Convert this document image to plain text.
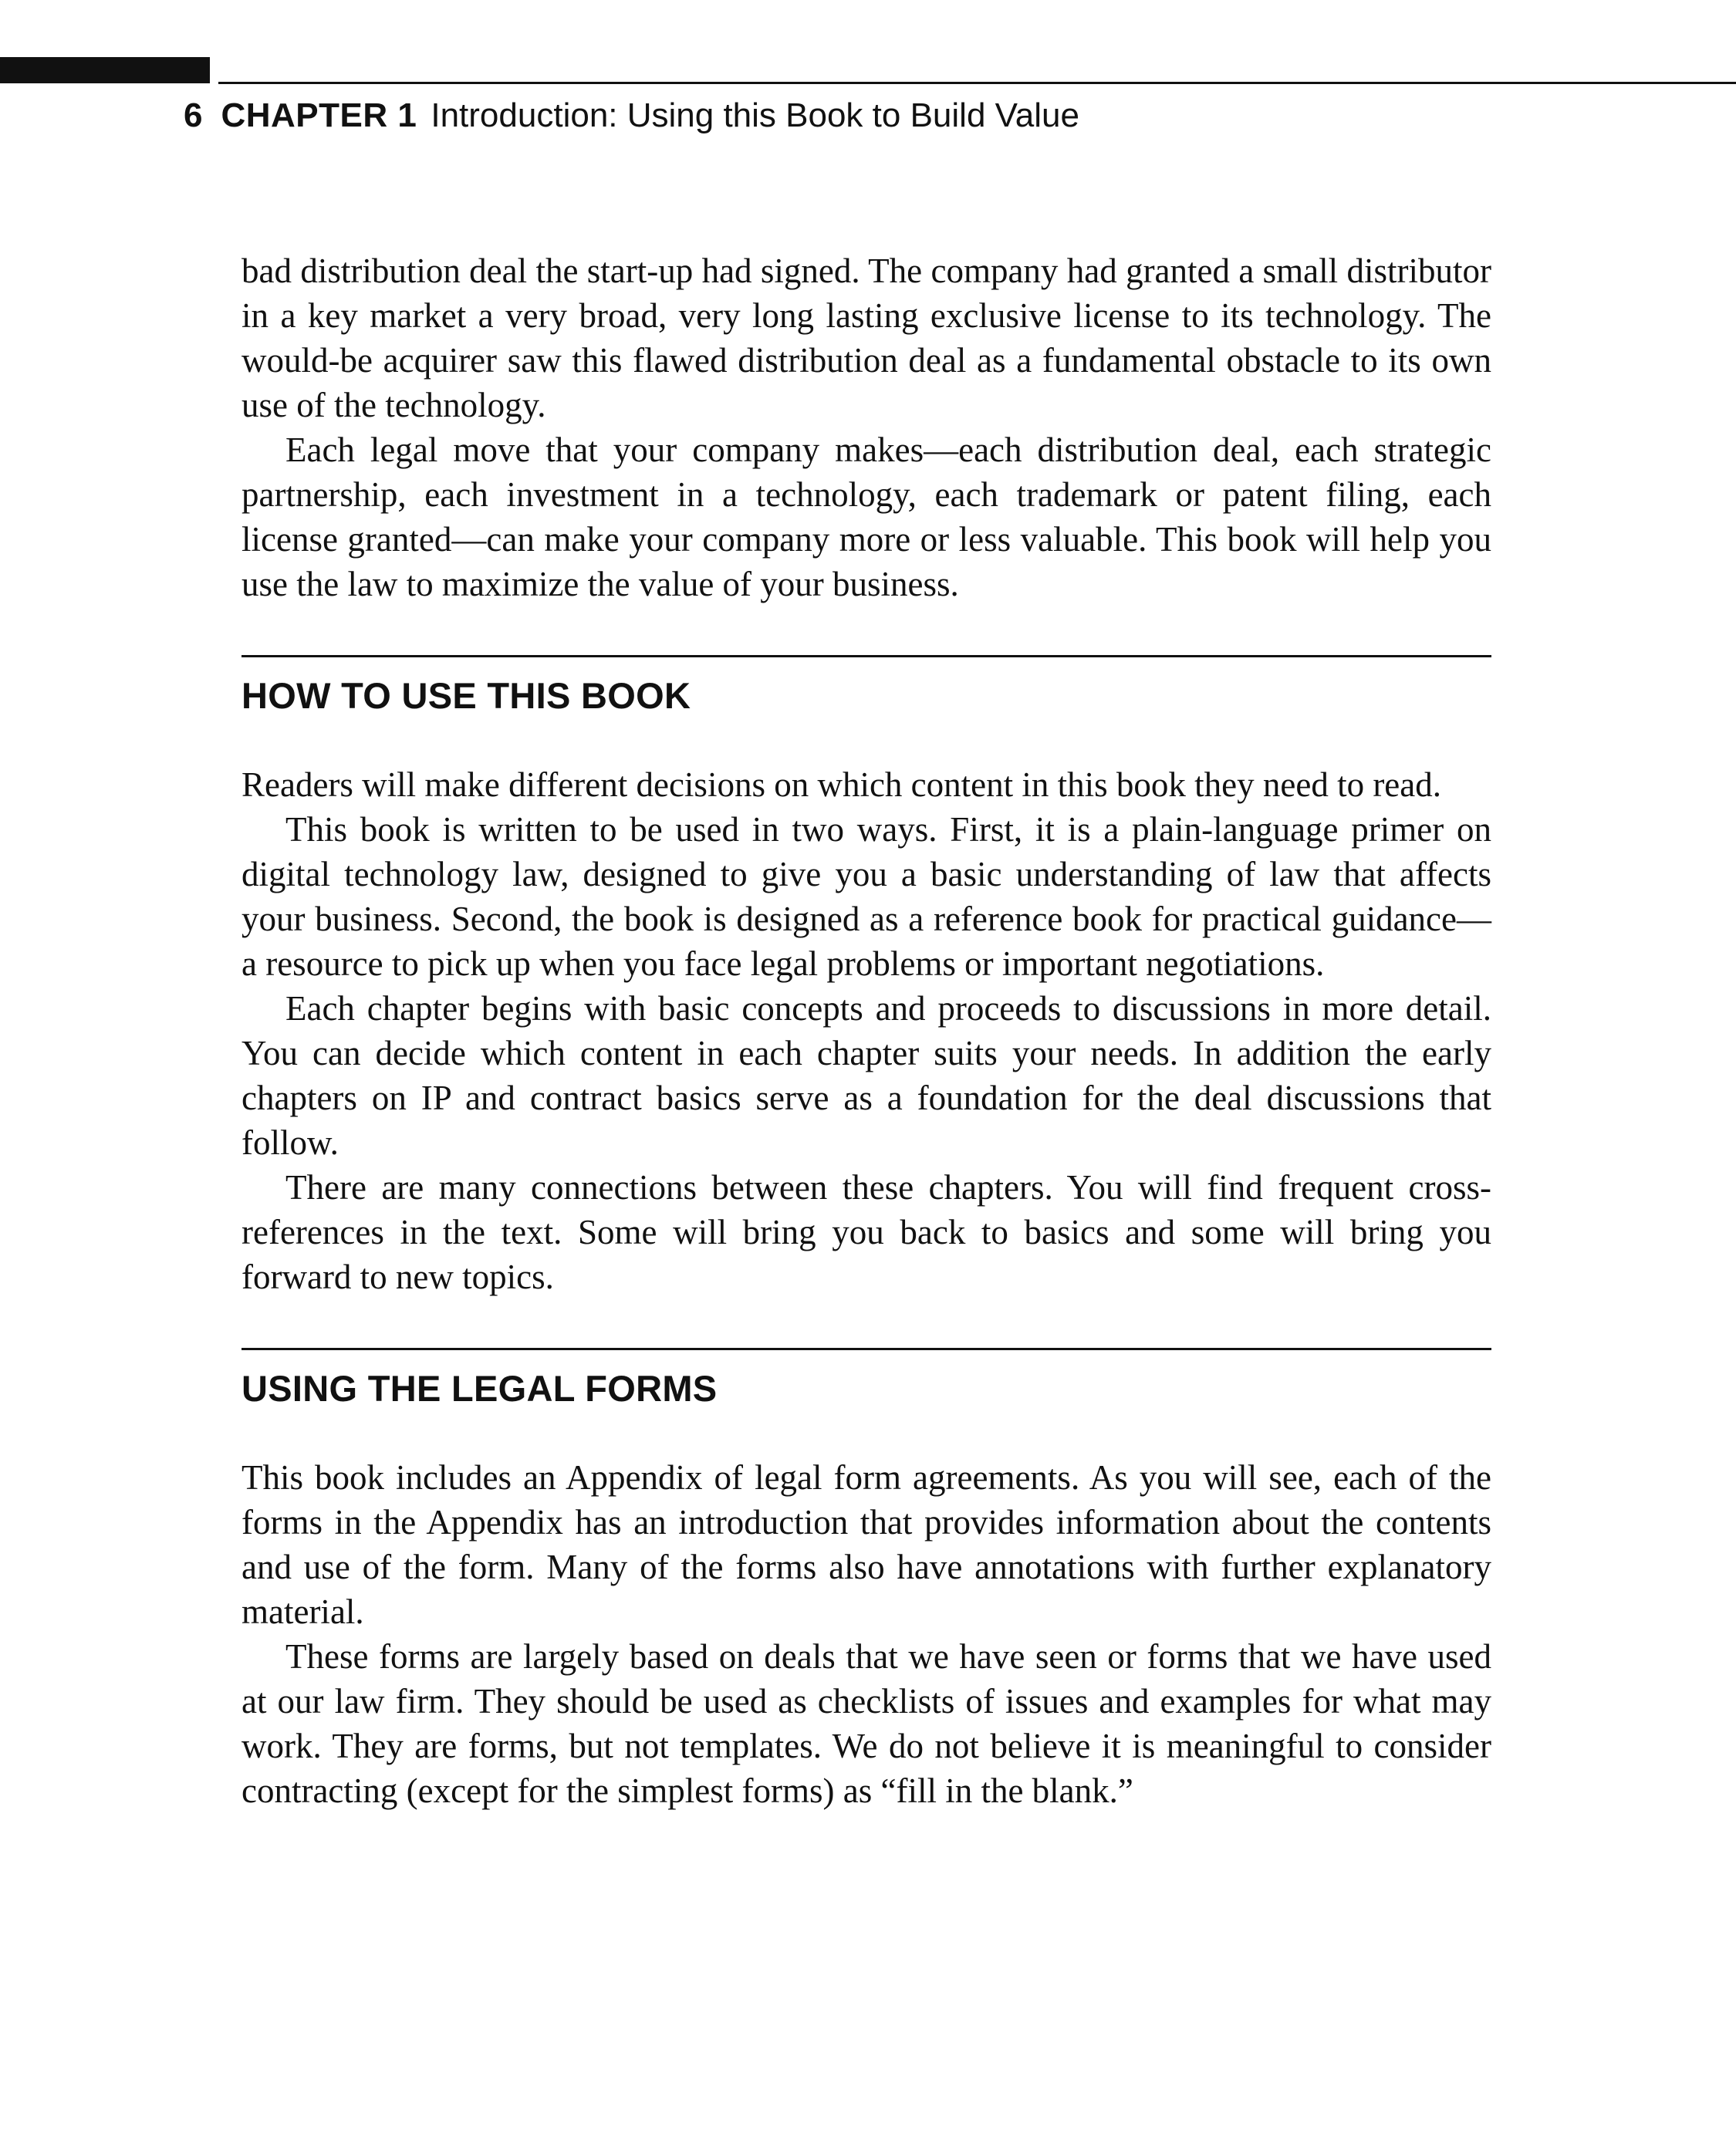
6 CHAPTER 1 Introduction: Using this Book to Build Value

bad distribution deal the start-up had signed. The company had granted a small distributor in a key market a very broad, very long lasting exclusive license to its technology. The would-be acquirer saw this flawed distribution deal as a fundamental obstacle to its own use of the technology.

Each legal move that your company makes—each distribution deal, each strategic partnership, each investment in a technology, each trademark or patent filing, each license granted—can make your company more or less valuable. This book will help you use the law to maximize the value of your business.

HOW TO USE THIS BOOK

Readers will make different decisions on which content in this book they need to read.

This book is written to be used in two ways. First, it is a plain-language primer on digital technology law, designed to give you a basic understanding of law that affects your business. Second, the book is designed as a reference book for practical guidance—a resource to pick up when you face legal problems or important negotiations.

Each chapter begins with basic concepts and proceeds to discussions in more detail. You can decide which content in each chapter suits your needs. In addition the early chapters on IP and contract basics serve as a foundation for the deal discussions that follow.

There are many connections between these chapters. You will find frequent cross-references in the text. Some will bring you back to basics and some will bring you forward to new topics.

USING THE LEGAL FORMS

This book includes an Appendix of legal form agreements. As you will see, each of the forms in the Appendix has an introduction that provides information about the contents and use of the form. Many of the forms also have annotations with further explanatory material.

These forms are largely based on deals that we have seen or forms that we have used at our law firm. They should be used as checklists of issues and examples for what may work. They are forms, but not templates. We do not believe it is meaningful to consider contracting (except for the simplest forms) as “fill in the blank.”
